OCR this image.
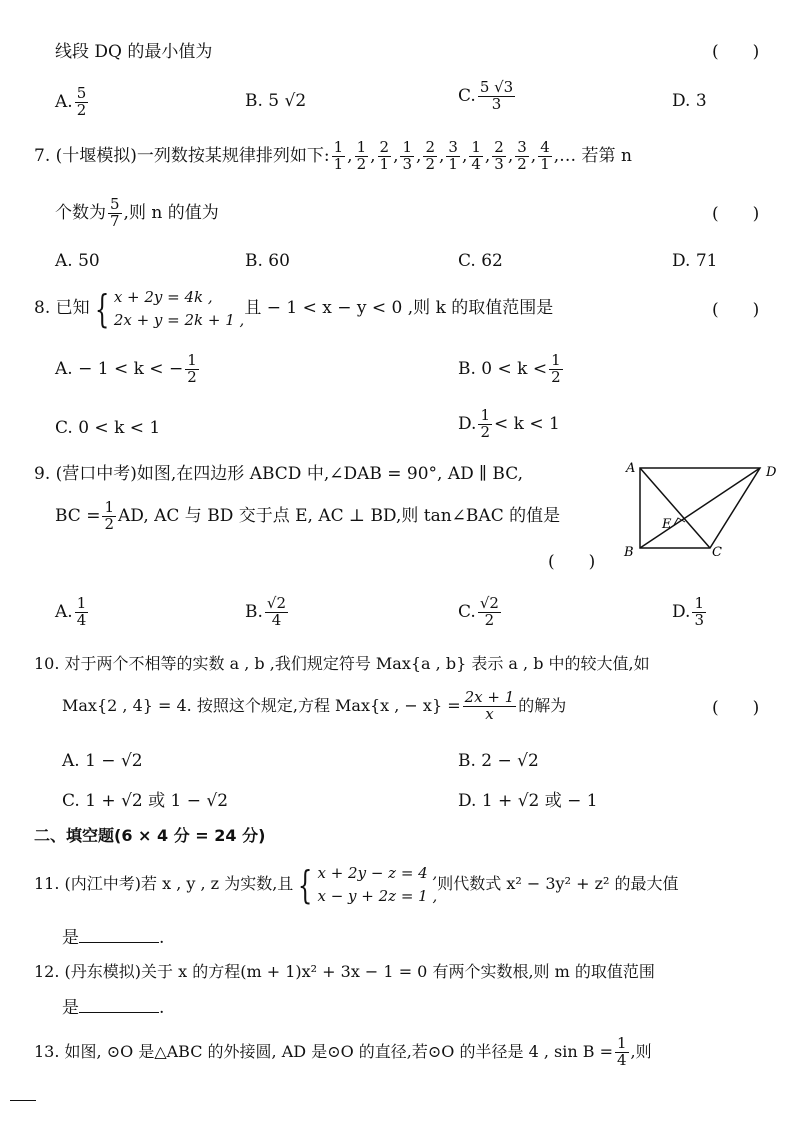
线段 DQ 的最小值为	(　　)
A. $\frac{5}{2}$	B. 5 √2	C. $\frac{5 √3}{3}$	D. 3
7. (十堰模拟)一列数按某规律排列如下: $\frac{1}{1}$ , $\frac{1}{2}$ , $\frac{2}{1}$ , $\frac{1}{3}$ , $\frac{2}{2}$ , $\frac{3}{1}$ , $\frac{1}{4}$ , $\frac{2}{3}$ , $\frac{3}{2}$ , $\frac{4}{1}$ ,… 若第 n
个数为 $\frac{5}{7}$ ,则 n 的值为	(　　)
A. 50	B. 60	C. 62	D. 71
8. 已知 { x + 2y = 4k ,
2x + y = 2k + 1 ,
且 − 1 < x − y < 0 ,则 k 的取值范围是	(　　)
A. − 1 < k < − $\frac{1}{2}$	B. $0 < k < \frac{1}{2}$
C. 0 < k < 1	D. $\frac{1}{2} < k < 1$
9. (营口中考)如图,在四边形 ABCD 中,∠DAB = 90°, AD ∥ BC,
BC = $\frac{1}{2}$ AD, AC 与 BD 交于点 E, AC ⊥ BD,则 tan∠BAC 的值是
(　　)
A	D
B	C
E
A. $\frac{1}{4}$	B. $\frac{√2}{4}$	C. $\frac{√2}{2}$	D. $\frac{1}{3}$
10. 对于两个不相等的实数 a , b ,我们规定符号 Max{a , b} 表示 a , b 中的较大值,如
Max{2 , 4} = 4. 按照这个规定,方程 Max{x , − $x\} = \frac{2x + 1}{x}$ 的解为	(　　)
A. 1 − √2	B. 2 − √2
C. 1 + √2 或 1 − √2	D. 1 + √2 或 − 1
二、填空题(6 × 4 分 = 24 分)
11. (内江中考)若 x , y , z 为实数,且 { x + 2y − z = 4 ,
x − y + 2z = 1 ,
则代数式 x² − 3y² + z² 的最大值
是	.
12. (丹东模拟)关于 x 的方程(m + 1)x² + 3x − 1 = 0 有两个实数根,则 m 的取值范围
是	.
13. 如图, ⊙O 是△ABC 的外接圆, AD 是⊙O 的直径,若⊙O 的半径是 4 , $\sin B = \frac{1}{4}$ ,则
